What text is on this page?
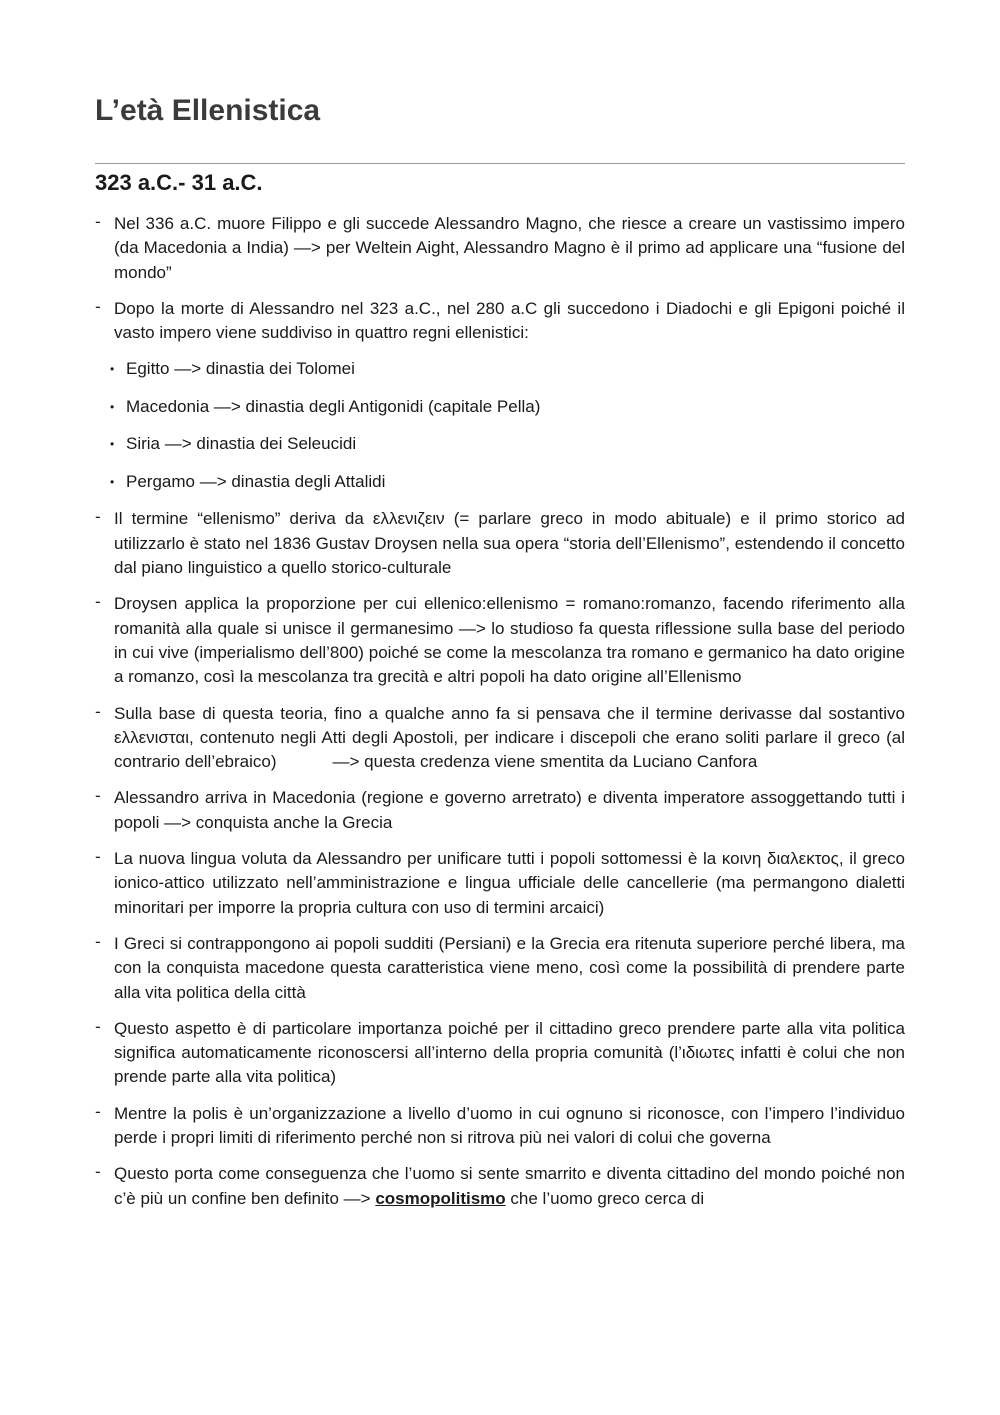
L’età Ellenistica
323 a.C.- 31 a.C.
- Nel 336 a.C. muore Filippo e gli succede Alessandro Magno, che riesce a creare un vastissimo impero (da Macedonia a India) —> per Weltein Aight, Alessandro Magno è il primo ad applicare una “fusione del mondo”
- Dopo la morte di Alessandro nel 323 a.C., nel 280 a.C gli succedono i Diadochi e gli Epigoni poiché il vasto impero viene suddiviso in quattro regni ellenistici:
• Egitto —> dinastia dei Tolomei
• Macedonia —> dinastia degli Antigonidi (capitale Pella)
• Siria —> dinastia dei Seleucidi
• Pergamo —> dinastia degli Attalidi
- Il termine “ellenismo” deriva da ελλενιζειν (= parlare greco in modo abituale) e il primo storico ad utilizzarlo è stato nel 1836 Gustav Droysen nella sua opera “storia dell’Ellenismo”, estendendo il concetto dal piano linguistico a quello storico-culturale
- Droysen applica la proporzione per cui ellenico:ellenismo = romano:romanzo, facendo riferimento alla romanità alla quale si unisce il germanesimo —> lo studioso fa questa riflessione sulla base del periodo in cui vive (imperialismo dell’800) poiché se come la mescolanza tra romano e germanico ha dato origine a romanzo, così la mescolanza tra grecità e altri popoli ha dato origine all’Ellenismo
- Sulla base di questa teoria, fino a qualche anno fa si pensava che il termine derivasse dal sostantivo ελλενισται, contenuto negli Atti degli Apostoli, per indicare i discepoli che erano soliti parlare il greco (al contrario dell’ebraico)	—> questa credenza viene smentita da Luciano Canfora
- Alessandro arriva in Macedonia (regione e governo arretrato) e diventa imperatore assoggettando tutti i popoli —> conquista anche la Grecia
- La nuova lingua voluta da Alessandro per unificare tutti i popoli sottomessi è la κοινη διαλεκτος, il greco ionico-attico utilizzato nell’amministrazione e lingua ufficiale delle cancellerie (ma permangono dialetti minoritari per imporre la propria cultura con uso di termini arcaici)
- I Greci si contrappongono ai popoli sudditi (Persiani) e la Grecia era ritenuta superiore perché libera, ma con la conquista macedone questa caratteristica viene meno, così come la possibilità di prendere parte alla vita politica della città
- Questo aspetto è di particolare importanza poiché per il cittadino greco prendere parte alla vita politica significa automaticamente riconoscersi all’interno della propria comunità (l’ιδιωτες infatti è colui che non prende parte alla vita politica)
- Mentre la polis è un’organizzazione a livello d’uomo in cui ognuno si riconosce, con l’impero l’individuo perde i propri limiti di riferimento perché non si ritrova più nei valori di colui che governa
- Questo porta come conseguenza che l’uomo si sente smarrito e diventa cittadino del mondo poiché non c’è più un confine ben definito —> cosmopolitismo che l’uomo greco cerca di
